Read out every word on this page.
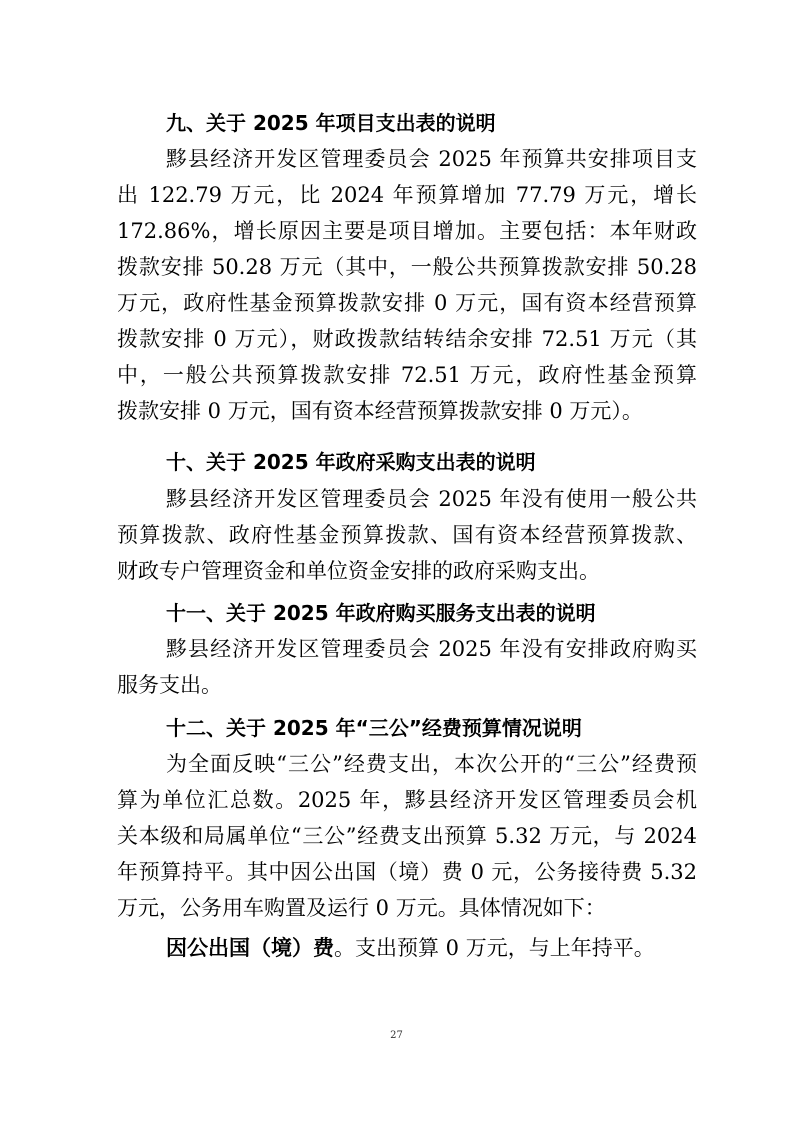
九、关于 2025 年项目支出表的说明
黟县经济开发区管理委员会 2025 年预算共安排项目支
出 122.79 万元，比 2024 年预算增加 77.79 万元，增长
172.86%，增长原因主要是项目增加。主要包括：本年财政
拨款安排 50.28 万元（其中，一般公共预算拨款安排 50.28
万元，政府性基金预算拨款安排 0 万元，国有资本经营预算
拨款安排 0 万元），财政拨款结转结余安排 72.51 万元（其
中，一般公共预算拨款安排 72.51 万元，政府性基金预算
拨款安排 0 万元，国有资本经营预算拨款安排 0 万元）。
十、关于 2025 年政府采购支出表的说明
黟县经济开发区管理委员会 2025 年没有使用一般公共
预算拨款、政府性基金预算拨款、国有资本经营预算拨款、
财政专户管理资金和单位资金安排的政府采购支出。
十一、关于 2025 年政府购买服务支出表的说明
黟县经济开发区管理委员会 2025 年没有安排政府购买
服务支出。
十二、关于 2025 年“三公”经费预算情况说明
为全面反映“三公”经费支出，本次公开的“三公”经费预
算为单位汇总数。2025 年，黟县经济开发区管理委员会机
关本级和局属单位“三公”经费支出预算 5.32 万元，与 2024
年预算持平。其中因公出国（境）费 0 元，公务接待费 5.32
万元，公务用车购置及运行 0 万元。具体情况如下：
因公出国（境）费。支出预算 0 万元，与上年持平。
27
